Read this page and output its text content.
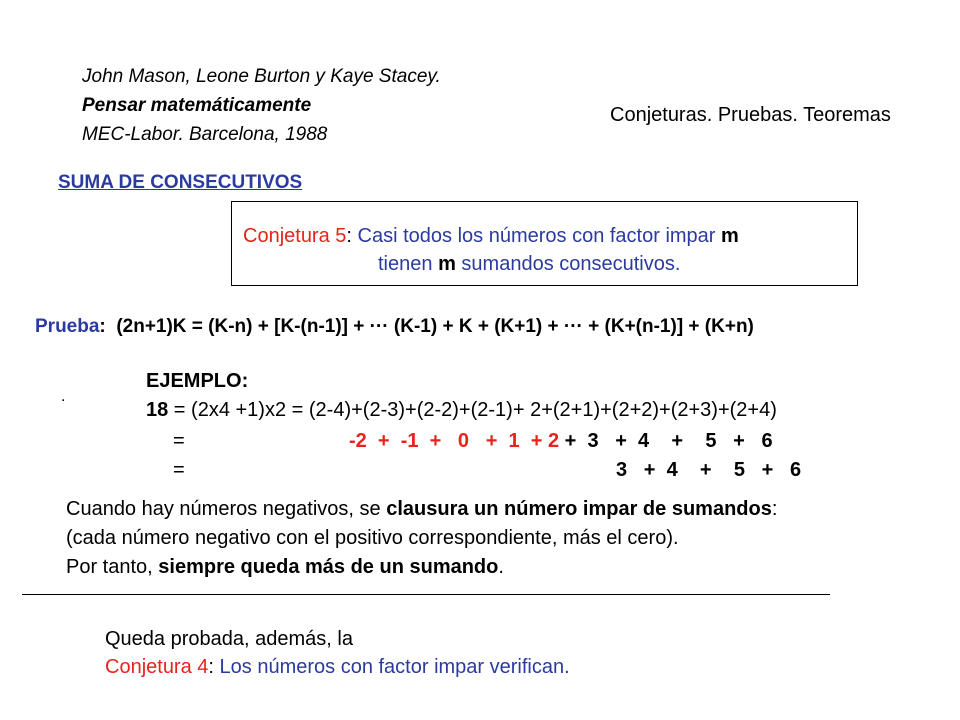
John Mason, Leone Burton y Kaye Stacey.
Pensar matemáticamente
MEC-Labor. Barcelona, 1988
Conjeturas. Pruebas. Teoremas
SUMA DE CONSECUTIVOS
Conjetura 5: Casi todos los números con factor impar m
tienen m sumandos consecutivos.
Prueba: (2n+1)K = (K-n) + [K-(n-1)] + ··· (K-1) + K + (K+1) + ··· + (K+(n-1)] + (K+n)
.
EJEMPLO:
18 = (2x4 +1)x2 = (2-4)+(2-3)+(2-2)+(2-1)+ 2+(2+1)+(2+2)+(2+3)+(2+4)
=	-2  +  -1  +   0   +  1  + 2 +  3   +  4    +    5   +   6
=	3   +  4    +    5   +   6
Cuando hay números negativos, se clausura un número impar de sumandos:
(cada número negativo con el positivo correspondiente, más el cero).
Por tanto, siempre queda más de un sumando.
Queda probada, además, la
Conjetura 4: Los números con factor impar verifican.
